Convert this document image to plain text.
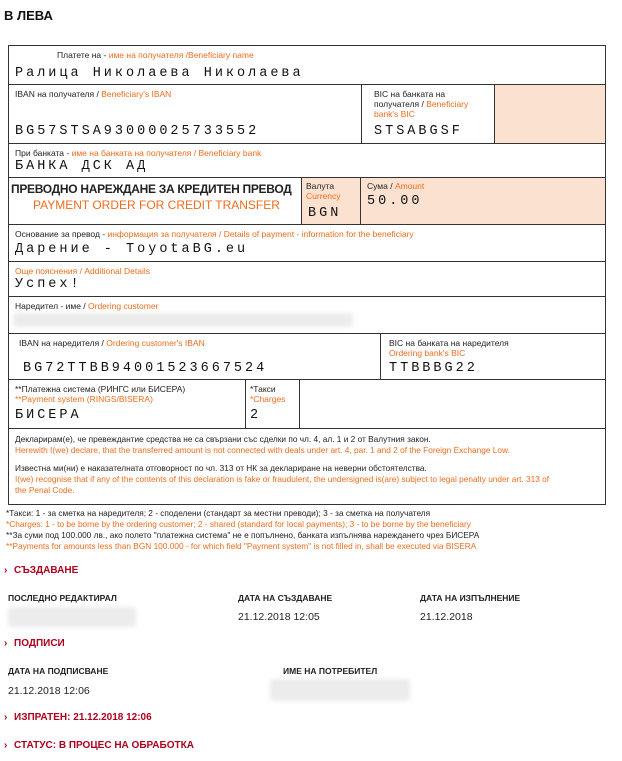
В ЛЕВА
Платете на - име на получателя /Beneficiary name
Ралица Николаева Николаева
IBAN на получателя / Beneficiary's IBAN
BG57STSA93000025733552
BIC на банката на
получателя / Beneficiary
bank's BIC
STSABGSF
При банката - име на банката на получателя / Beneficiary bank
БАНКА ДСК АД
ПРЕВОДНО НАРЕЖДАНЕ ЗА КРЕДИТЕН ПРЕВОД
PAYMENT ORDER FOR CREDIT TRANSFER
Валута
Currency
BGN
Сума / Amount
50.00
Основание за превод - информация за получателя / Details of payment - information for the beneficiary
Дарение - ToyotaBG.eu
Още пояснения / Additional Details
Успех!
Наредител - име / Ordering customer
IBAN на наредителя / Ordering customer's IBAN
BG72TTBB94001523667524
BIC на банката на наредителя
Ordering bank's BIC
TTBBBG22
**Платежна система (РИНГС или БИСЕРА)
**Payment system (RINGS/BISERA)
БИСЕРА
*Такси
*Charges
2
Декларирам(е), че превеждантие средства не са свързани със сделки по чл. 4, ал. 1 и 2 от Валутния закон.
Herewith I(we) declare, that the transferred amount is not connected with deals under art. 4, par. 1 and 2 of the Foreign Exchange Low.
Известна ми(ни) е наказателната отговорност по чл. 313 от НК за деклариране на неверни обстоятелства.
I(we) recognise that if any of the contents of this declaration is fake or fraudulent, the undersigned is(are) subject to legal penalty under art. 313 of
the Penal Code.
*Такси: 1 - за сметка на наредителя; 2 - споделени (стандарт за местни преводи); 3 - за сметка на получателя
*Charges: 1 - to be borne by the ordering customer; 2 - shared (standard for local payments); 3 - to be borne by the beneficiary
**За суми под 100.000 лв., ако полето "платежна система" не е попълнено, банката изпълнява нареждането чрез БИСЕРА
**Payments for amounts less than BGN 100.000 - for which field "Payment system" is not filled in, shall be executed via BISERA
› СЪЗДАВАНЕ
ПОСЛЕДНО РЕДАКТИРАЛ	ДАТА НА СЪЗДАВАНЕ
21.12.2018 12:05
ДАТА НА ИЗПЪЛНЕНИЕ
21.12.2018
› ПОДПИСИ
ДАТА НА ПОДПИСВАНЕ
21.12.2018 12:06
ИМЕ НА ПОТРЕБИТЕЛ
› ИЗПРАТЕН: 21.12.2018 12:06
› СТАТУС: В ПРОЦЕС НА ОБРАБОТКА
